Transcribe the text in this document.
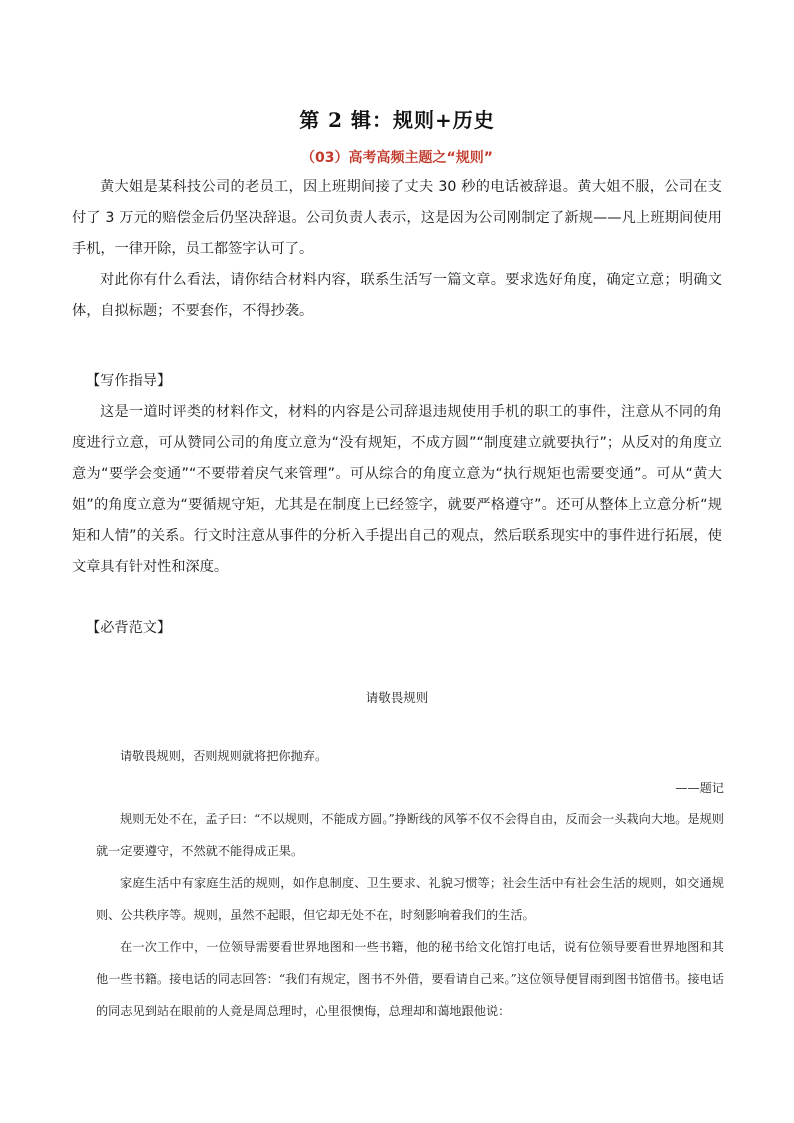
第 2 辑：规则+历史
（03）高考高频主题之“规则”

黄大姐是某科技公司的老员工，因上班期间接了丈夫 30 秒的电话被辞退。黄大姐不服，公司在支付了 3 万元的赔偿金后仍坚决辞退。公司负责人表示，这是因为公司刚制定了新规——凡上班期间使用手机，一律开除，员工都签字认可了。

对此你有什么看法，请你结合材料内容，联系生活写一篇文章。要求选好角度，确定立意；明确文体，自拟标题；不要套作，不得抄袭。

【写作指导】

这是一道时评类的材料作文，材料的内容是公司辞退违规使用手机的职工的事件，注意从不同的角度进行立意，可从赞同公司的角度立意为“没有规矩，不成方圆”“制度建立就要执行”；从反对的角度立意为“要学会变通”“不要带着戾气来管理”。可从综合的角度立意为“执行规矩也需要变通”。可从“黄大姐”的角度立意为“要循规守矩，尤其是在制度上已经签字，就要严格遵守”。还可从整体上立意分析“规矩和人情”的关系。行文时注意从事件的分析入手提出自己的观点，然后联系现实中的事件进行拓展，使文章具有针对性和深度。

【必背范文】
请敬畏规则

请敬畏规则，否则规则就将把你抛弃。

——题记

规则无处不在，孟子曰：“不以规则，不能成方圆。”挣断线的风筝不仅不会得自由，反而会一头栽向大地。是规则就一定要遵守，不然就不能得成正果。

家庭生活中有家庭生活的规则，如作息制度、卫生要求、礼貌习惯等；社会生活中有社会生活的规则，如交通规则、公共秩序等。规则，虽然不起眼，但它却无处不在，时刻影响着我们的生活。

在一次工作中，一位领导需要看世界地图和一些书籍，他的秘书给文化馆打电话，说有位领导要看世界地图和其他一些书籍。接电话的同志回答：“我们有规定，图书不外借，要看请自己来。”这位领导便冒雨到图书馆借书。接电话的同志见到站在眼前的人竟是周总理时，心里很懊悔，总理却和蔼地跟他说：
